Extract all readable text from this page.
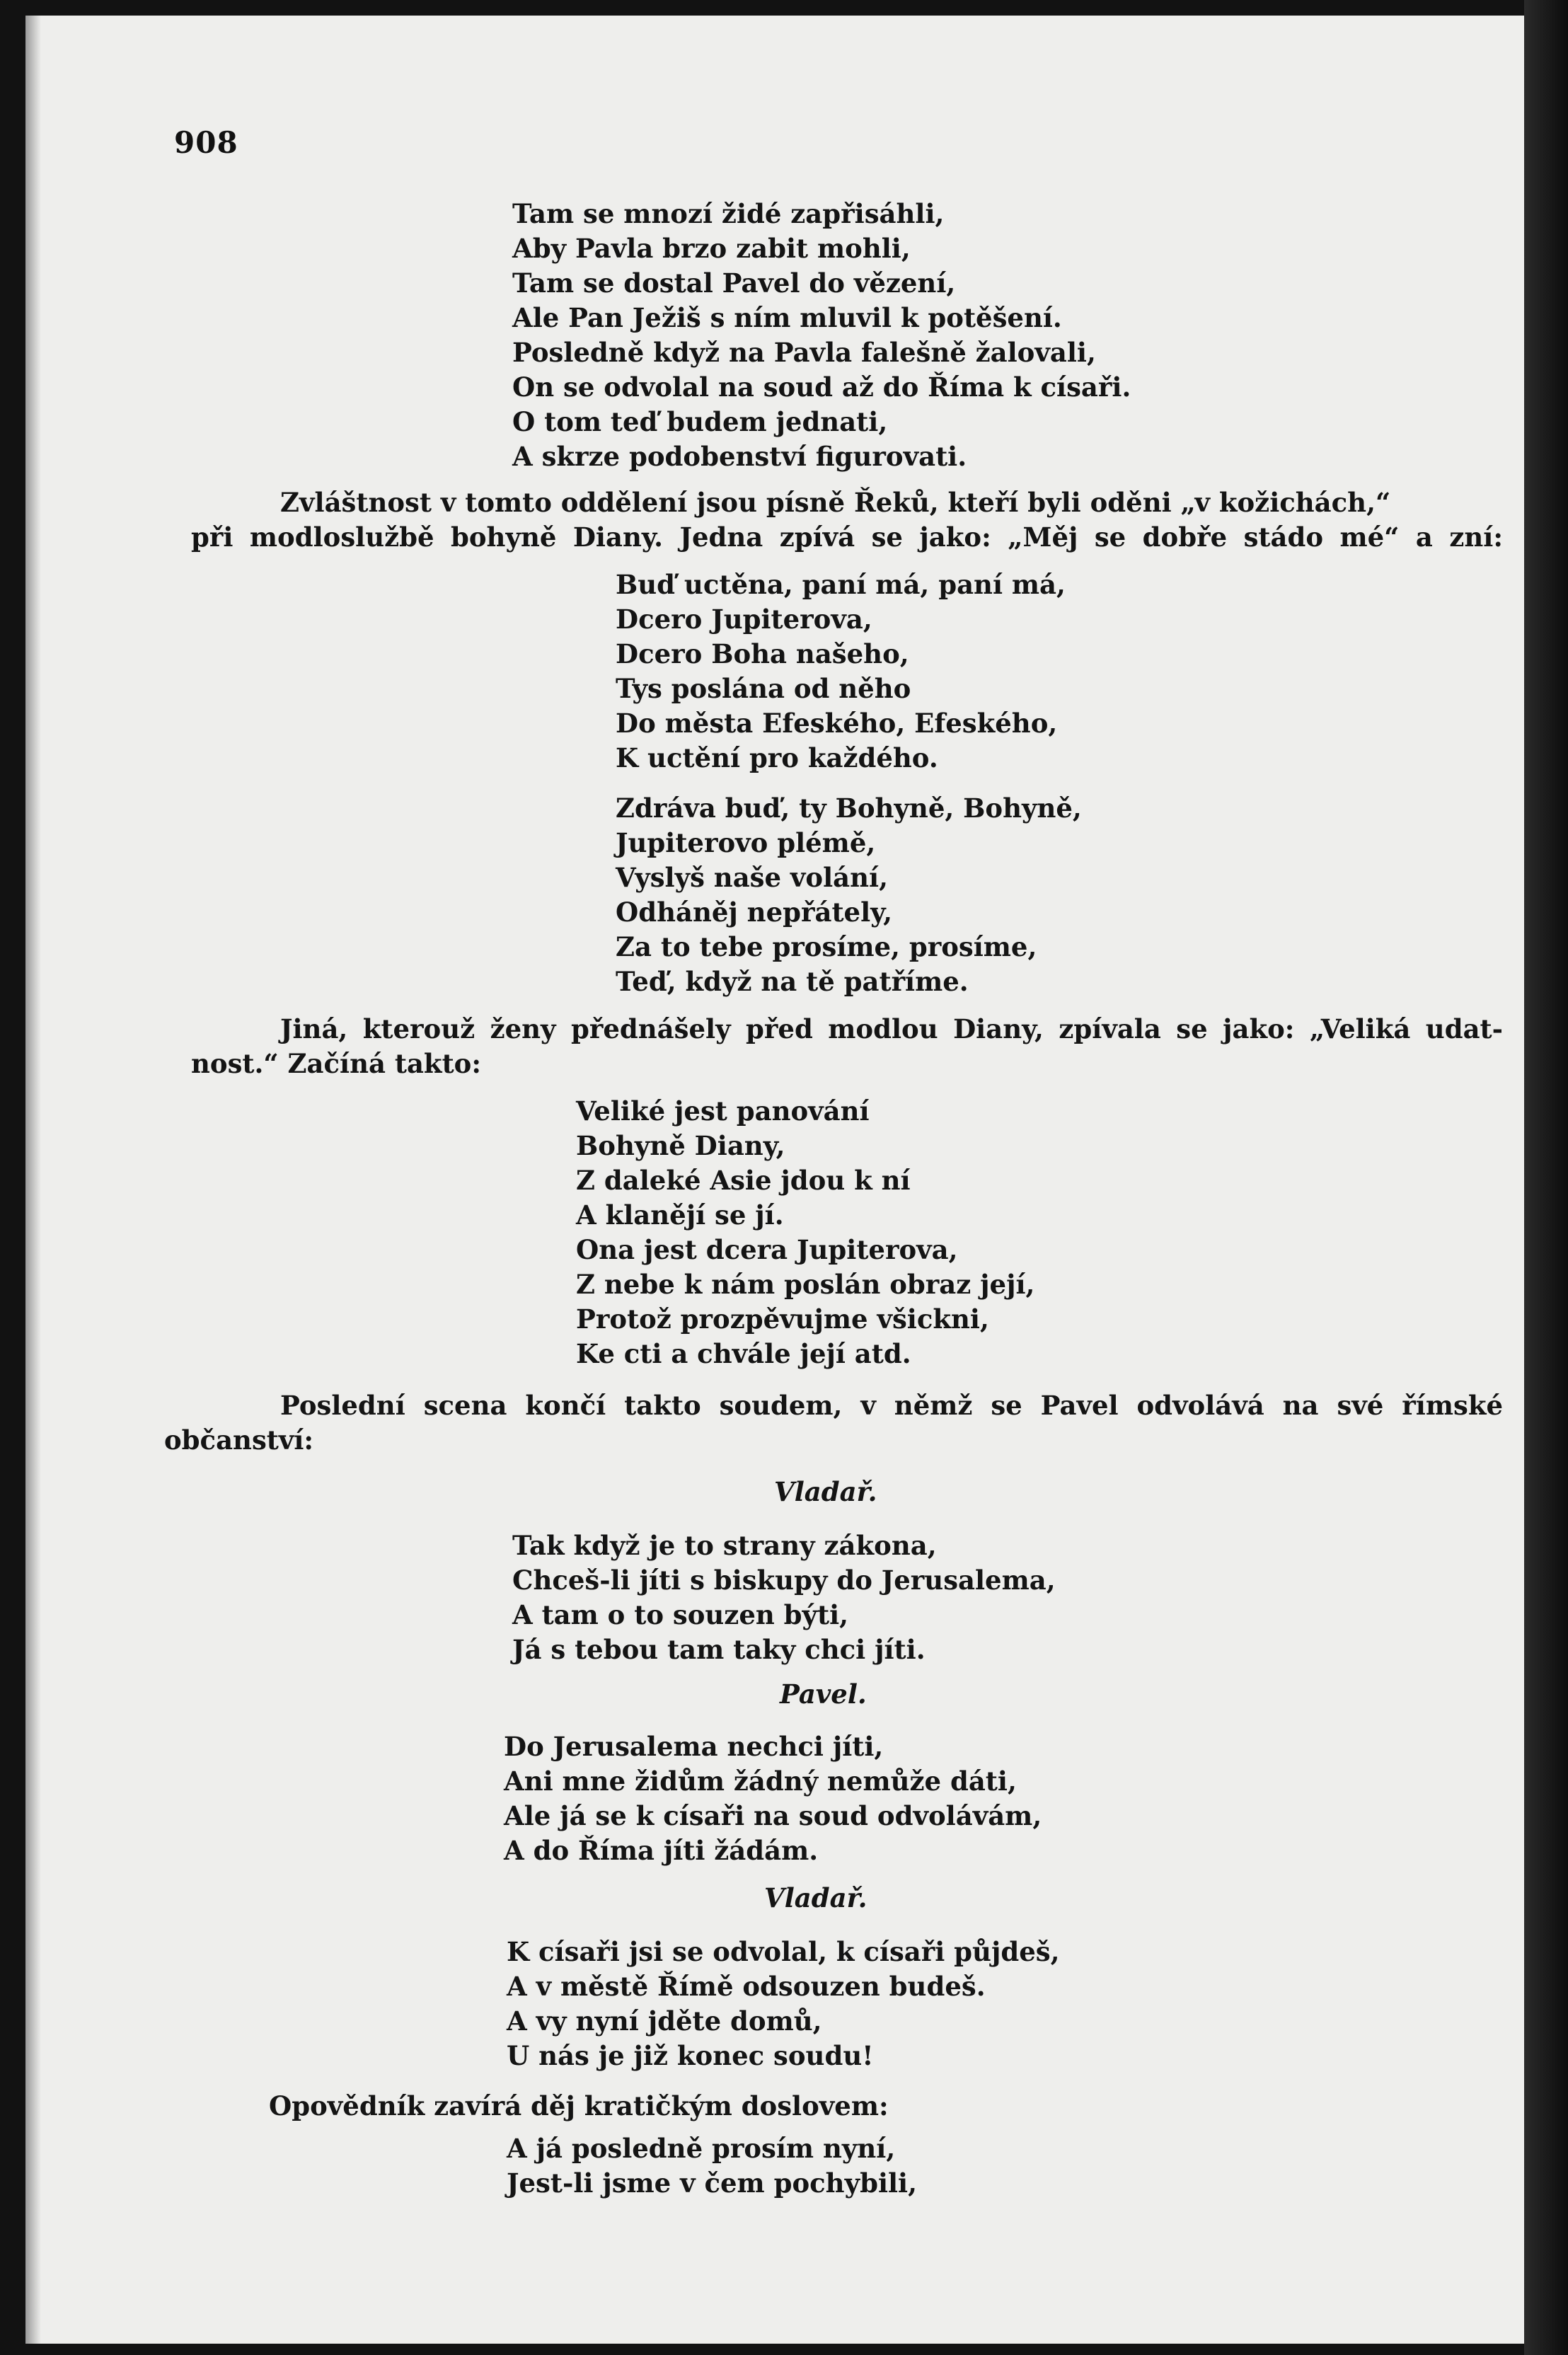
908
Tam se mnozí židé zapřisáhli,
Aby Pavla brzo zabit mohli,
Tam se dostal Pavel do vězení,
Ale Pan Ježiš s ním mluvil k potěšení.
Posledně když na Pavla falešně žalovali,
On se odvolal na soud až do Říma k císaři.
O tom teď budem jednati,
A skrze podobenství figurovati.
Zvláštnost v tomto oddělení jsou písně Řeků, kteří byli oděni „v kožichách,“
při modloslužbě bohyně Diany. Jedna zpívá se jako: „Měj se dobře stádo mé“ a zní:
Buď uctěna, paní má, paní má,
Dcero Jupiterova,
Dcero Boha našeho,
Tys poslána od něho
Do města Efeského, Efeského,
K uctění pro každého.
Zdráva buď, ty Bohyně, Bohyně,
Jupiterovo plémě,
Vyslyš naše volání,
Odháněj nepřátely,
Za to tebe prosíme, prosíme,
Teď, když na tě patříme.
Jiná, kterouž ženy přednášely před modlou Diany, zpívala se jako: „Veliká udat-
nost.“ Začíná takto:
Veliké jest panování
Bohyně Diany,
Z daleké Asie jdou k ní
A klanějí se jí.
Ona jest dcera Jupiterova,
Z nebe k nám poslán obraz její,
Protož prozpěvujme všickni,
Ke cti a chvále její atd.
Poslední scena končí takto soudem, v němž se Pavel odvolává na své římské
občanství:
Vladař.
Tak když je to strany zákona,
Chceš-li jíti s biskupy do Jerusalema,
A tam o to souzen býti,
Já s tebou tam taky chci jíti.
Pavel.
Do Jerusalema nechci jíti,
Ani mne židům žádný nemůže dáti,
Ale já se k císaři na soud odvolávám,
A do Říma jíti žádám.
Vladař.
K císaři jsi se odvolal, k císaři půjdeš,
A v městě Římě odsouzen budeš.
A vy nyní jděte domů,
U nás je již konec soudu!
Opovědník zavírá děj kratičkým doslovem:
A já posledně prosím nyní,
Jest-li jsme v čem pochybili,
